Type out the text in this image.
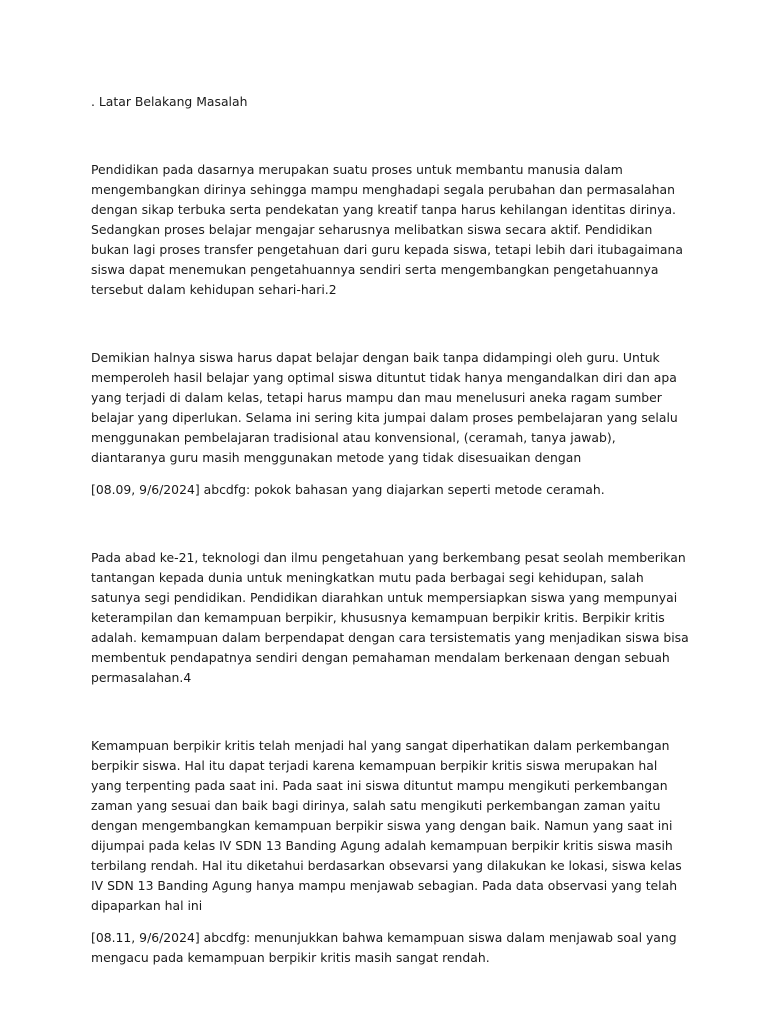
. Latar Belakang Masalah

Pendidikan pada dasarnya merupakan suatu proses untuk membantu manusia dalam mengembangkan dirinya sehingga mampu menghadapi segala perubahan dan permasalahan dengan sikap terbuka serta pendekatan yang kreatif tanpa harus kehilangan identitas dirinya. Sedangkan proses belajar mengajar seharusnya melibatkan siswa secara aktif. Pendidikan bukan lagi proses transfer pengetahuan dari guru kepada siswa, tetapi lebih dari itubagaimana siswa dapat menemukan pengetahuannya sendiri serta mengembangkan pengetahuannya tersebut dalam kehidupan sehari-hari.2

Demikian halnya siswa harus dapat belajar dengan baik tanpa didampingi oleh guru. Untuk memperoleh hasil belajar yang optimal siswa dituntut tidak hanya mengandalkan diri dan apa yang terjadi di dalam kelas, tetapi harus mampu dan mau menelusuri aneka ragam sumber belajar yang diperlukan. Selama ini sering kita jumpai dalam proses pembelajaran yang selalu menggunakan pembelajaran tradisional atau konvensional, (ceramah, tanya jawab), diantaranya guru masih menggunakan metode yang tidak disesuaikan dengan

[08.09, 9/6/2024] abcdfg: pokok bahasan yang diajarkan seperti metode ceramah.

Pada abad ke-21, teknologi dan ilmu pengetahuan yang berkembang pesat seolah memberikan tantangan kepada dunia untuk meningkatkan mutu pada berbagai segi kehidupan, salah satunya segi pendidikan. Pendidikan diarahkan untuk mempersiapkan siswa yang mempunyai keterampilan dan kemampuan berpikir, khususnya kemampuan berpikir kritis. Berpikir kritis adalah. kemampuan dalam berpendapat dengan cara tersistematis yang menjadikan siswa bisa membentuk pendapatnya sendiri dengan pemahaman mendalam berkenaan dengan sebuah permasalahan.4

Kemampuan berpikir kritis telah menjadi hal yang sangat diperhatikan dalam perkembangan berpikir siswa. Hal itu dapat terjadi karena kemampuan berpikir kritis siswa merupakan hal yang terpenting pada saat ini. Pada saat ini siswa dituntut mampu mengikuti perkembangan zaman yang sesuai dan baik bagi dirinya, salah satu mengikuti perkembangan zaman yaitu dengan mengembangkan kemampuan berpikir siswa yang dengan baik. Namun yang saat ini dijumpai pada kelas IV SDN 13 Banding Agung adalah kemampuan berpikir kritis siswa masih terbilang rendah. Hal itu diketahui berdasarkan obsevarsi yang dilakukan ke lokasi, siswa kelas IV SDN 13 Banding Agung hanya mampu menjawab sebagian. Pada data observasi yang telah dipaparkan hal ini

[08.11, 9/6/2024] abcdfg: menunjukkan bahwa kemampuan siswa dalam menjawab soal yang mengacu pada kemampuan berpikir kritis masih sangat rendah.
